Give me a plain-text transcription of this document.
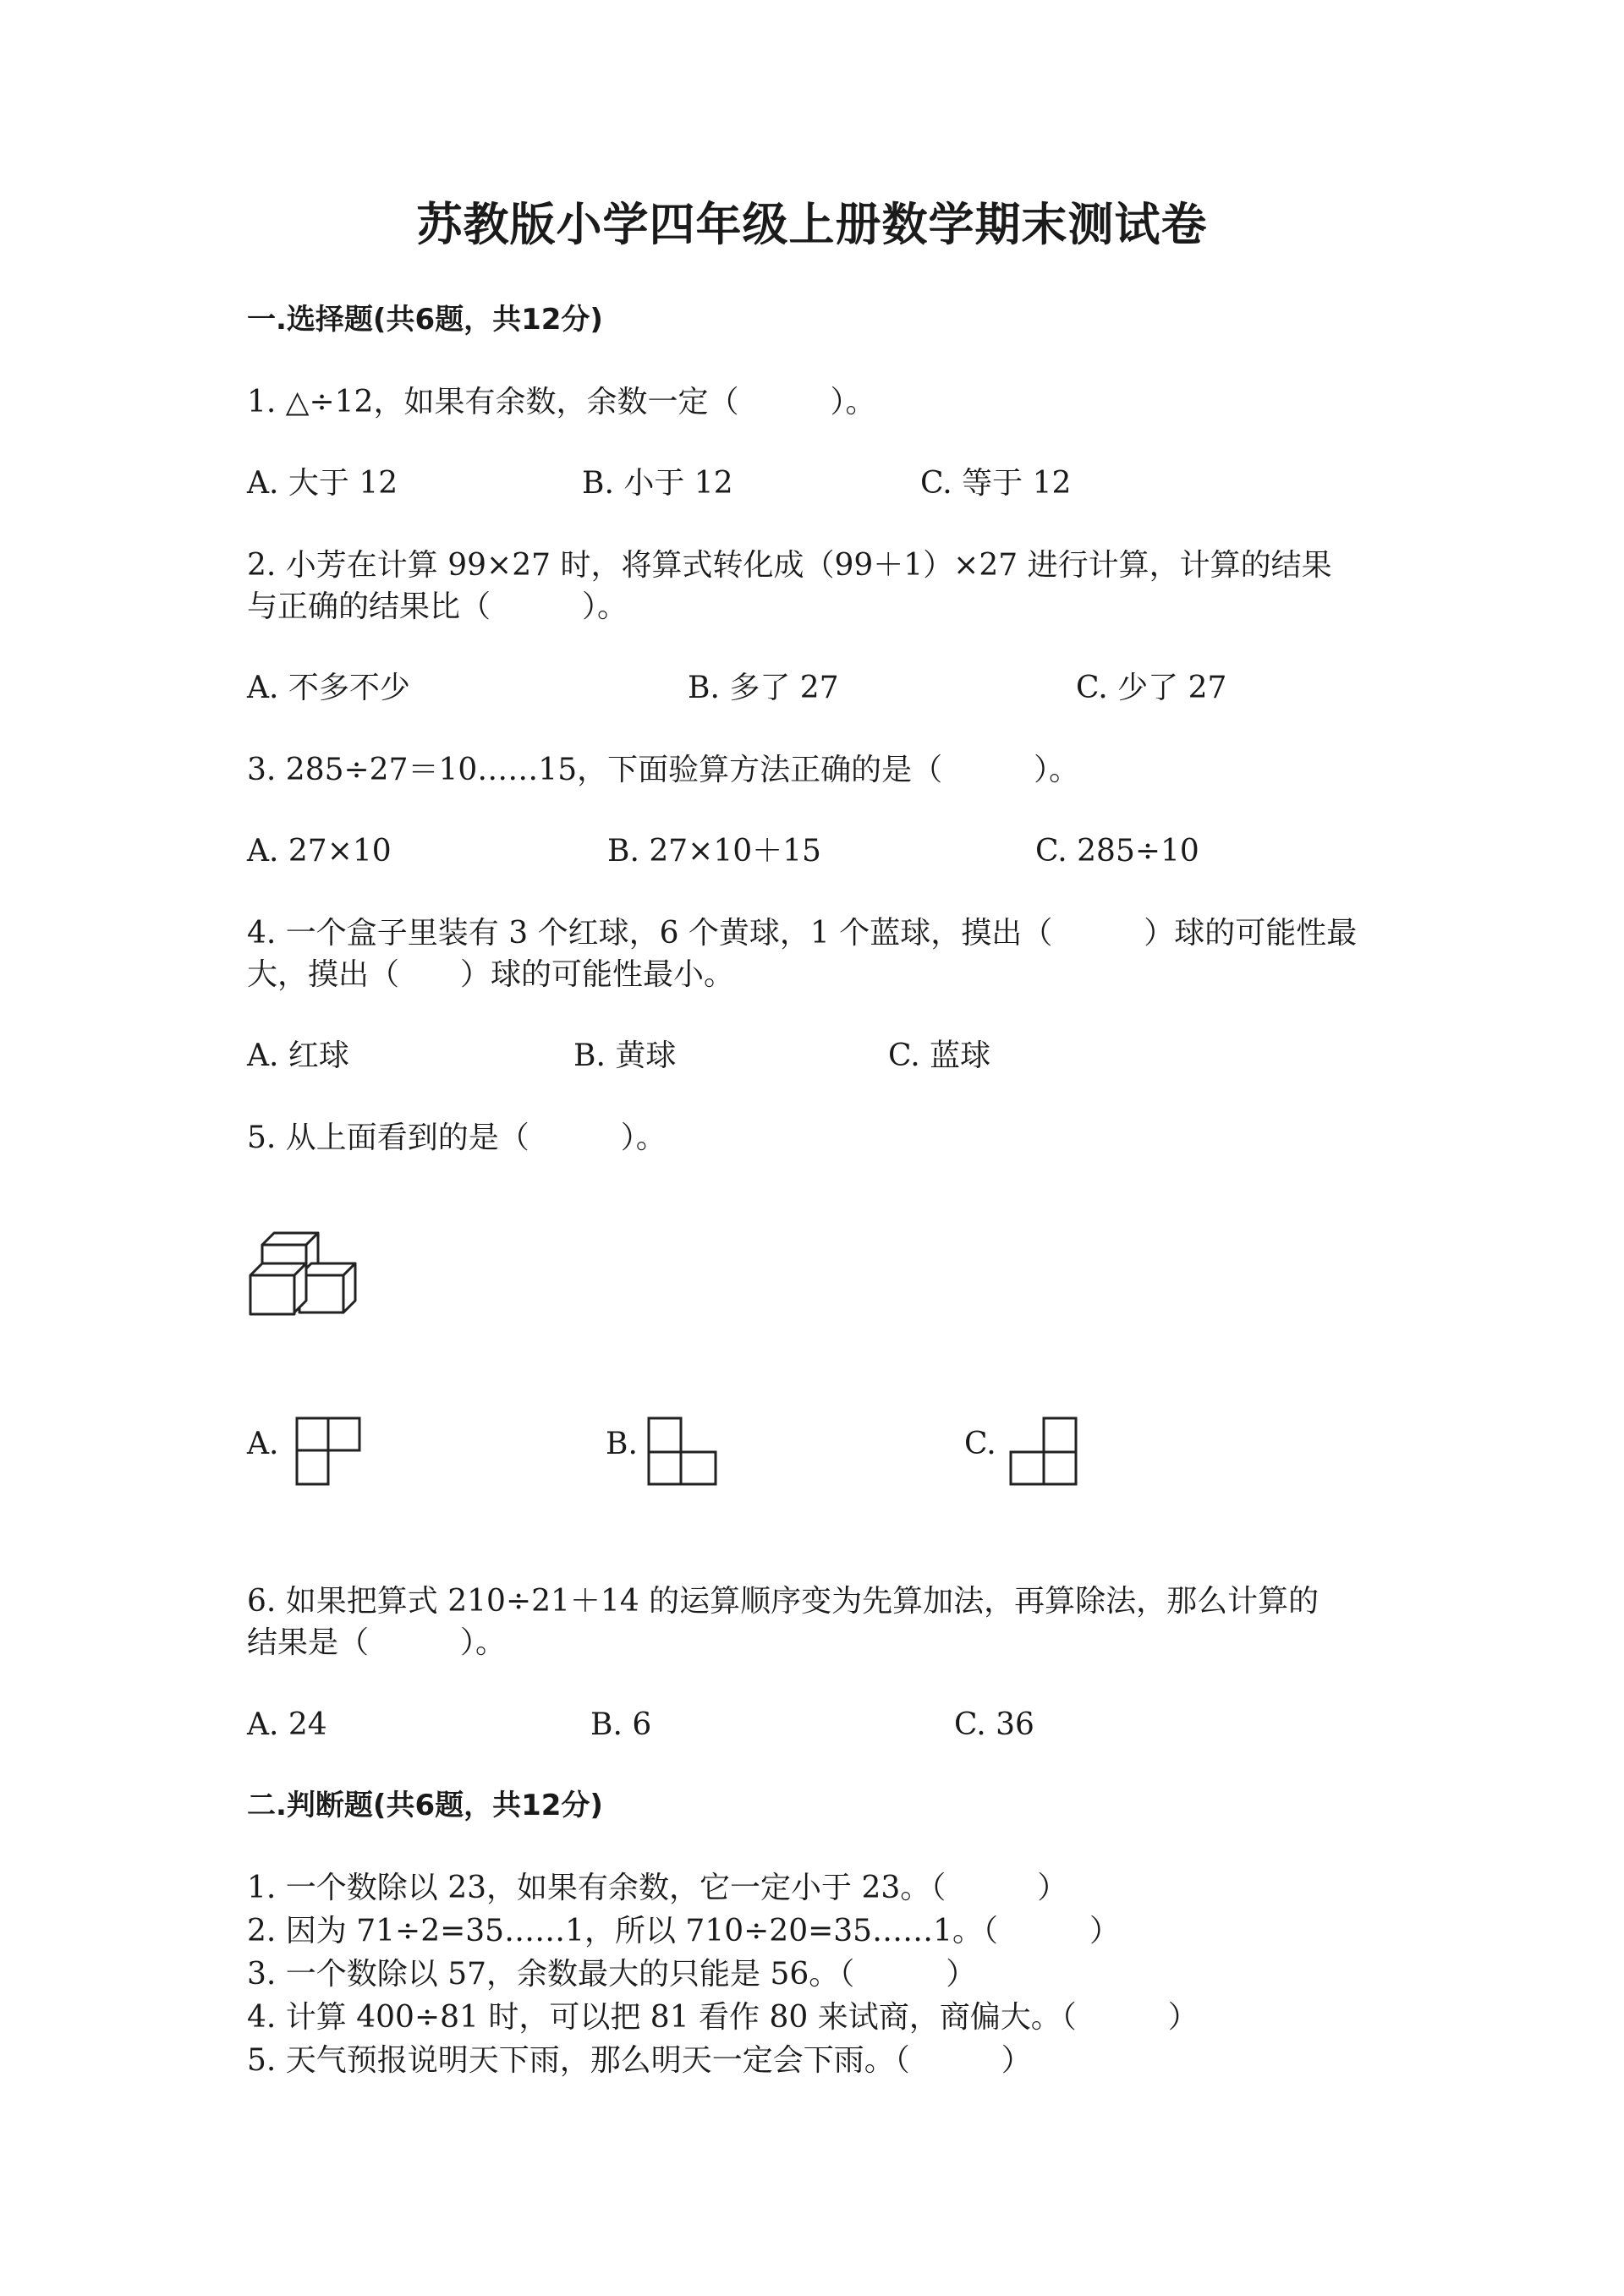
苏教版小学四年级上册数学期末测试卷
一.选择题(共6题，共12分)
1. △÷12，如果有余数，余数一定（　　　）。
A. 大于 12	B. 小于 12	C. 等于 12
2. 小芳在计算 99×27 时，将算式转化成（99＋1）×27 进行计算，计算的结果
与正确的结果比（　　　）。
A. 不多不少	B. 多了 27	C. 少了 27
3. 285÷27＝10……15，下面验算方法正确的是（　　　）。
A. 27×10	B. 27×10＋15	C. 285÷10
4. 一个盒子里装有 3 个红球，6 个黄球，1 个蓝球，摸出（　　　）球的可能性最
大，摸出（　　）球的可能性最小。
A. 红球	B. 黄球	C. 蓝球
5. 从上面看到的是（　　　）。
A.	B.	C.
6. 如果把算式 210÷21＋14 的运算顺序变为先算加法，再算除法，那么计算的
结果是（　　　）。
A. 24	B. 6	C. 36
二.判断题(共6题，共12分)
1. 一个数除以 23，如果有余数，它一定小于 23。（　　　）
2. 因为 71÷2=35……1，所以 710÷20=35……1。（　　　）
3. 一个数除以 57，余数最大的只能是 56。（　　　）
4. 计算 400÷81 时，可以把 81 看作 80 来试商，商偏大。（　　　）
5. 天气预报说明天下雨，那么明天一定会下雨。（　　　）
